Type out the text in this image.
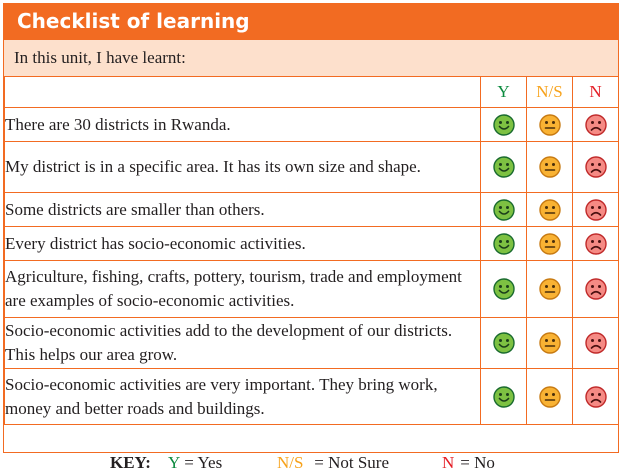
Checklist of learning
In this unit, I have learnt:
	Y	N/S	N
There are 30 districts in Rwanda.			
My district is in a specific area. It has its own size and shape.			
Some districts are smaller than others.			
Every district has socio-economic activities.			
Agriculture, fishing, crafts, pottery, tourism, trade and employment are examples of socio-economic activities.			
Socio-economic activities add to the development of our districts. This helps our area grow.			
Socio-economic activities are very important. They bring work, money and better roads and buildings.			
KEY: Y = Yes	N/S = Not Sure	N = No
